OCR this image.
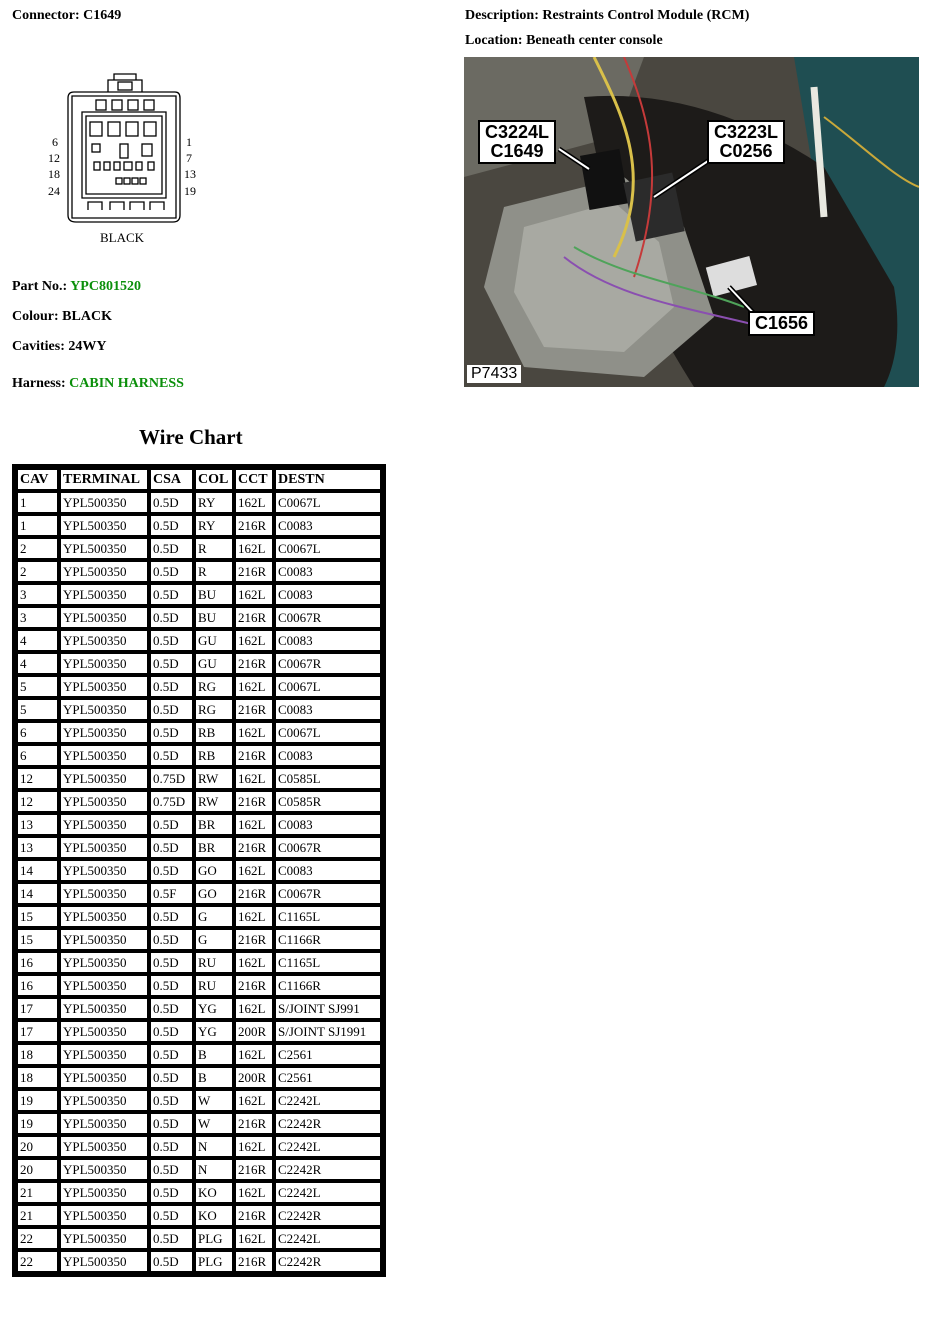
Connector: C1649	Description: Restraints Control Module (RCM)
Location: Beneath center console
6
12
18
24
1
7
13
19
BLACK
C3224L
C1649
C3223L
C0256
C1656
P7433
Part No.: YPC801520
Colour: BLACK
Cavities: 24WY
Harness: CABIN HARNESS
Wire Chart
CAV	TERMINAL	CSA	COL	CCT	DESTN
1	YPL500350	0.5D	RY	162L	C0067L
1	YPL500350	0.5D	RY	216R	C0083
2	YPL500350	0.5D	R	162L	C0067L
2	YPL500350	0.5D	R	216R	C0083
3	YPL500350	0.5D	BU	162L	C0083
3	YPL500350	0.5D	BU	216R	C0067R
4	YPL500350	0.5D	GU	162L	C0083
4	YPL500350	0.5D	GU	216R	C0067R
5	YPL500350	0.5D	RG	162L	C0067L
5	YPL500350	0.5D	RG	216R	C0083
6	YPL500350	0.5D	RB	162L	C0067L
6	YPL500350	0.5D	RB	216R	C0083
12	YPL500350	0.75D	RW	162L	C0585L
12	YPL500350	0.75D	RW	216R	C0585R
13	YPL500350	0.5D	BR	162L	C0083
13	YPL500350	0.5D	BR	216R	C0067R
14	YPL500350	0.5D	GO	162L	C0083
14	YPL500350	0.5F	GO	216R	C0067R
15	YPL500350	0.5D	G	162L	C1165L
15	YPL500350	0.5D	G	216R	C1166R
16	YPL500350	0.5D	RU	162L	C1165L
16	YPL500350	0.5D	RU	216R	C1166R
17	YPL500350	0.5D	YG	162L	S/JOINT SJ991
17	YPL500350	0.5D	YG	200R	S/JOINT SJ1991
18	YPL500350	0.5D	B	162L	C2561
18	YPL500350	0.5D	B	200R	C2561
19	YPL500350	0.5D	W	162L	C2242L
19	YPL500350	0.5D	W	216R	C2242R
20	YPL500350	0.5D	N	162L	C2242L
20	YPL500350	0.5D	N	216R	C2242R
21	YPL500350	0.5D	KO	162L	C2242L
21	YPL500350	0.5D	KO	216R	C2242R
22	YPL500350	0.5D	PLG	162L	C2242L
22	YPL500350	0.5D	PLG	216R	C2242R
